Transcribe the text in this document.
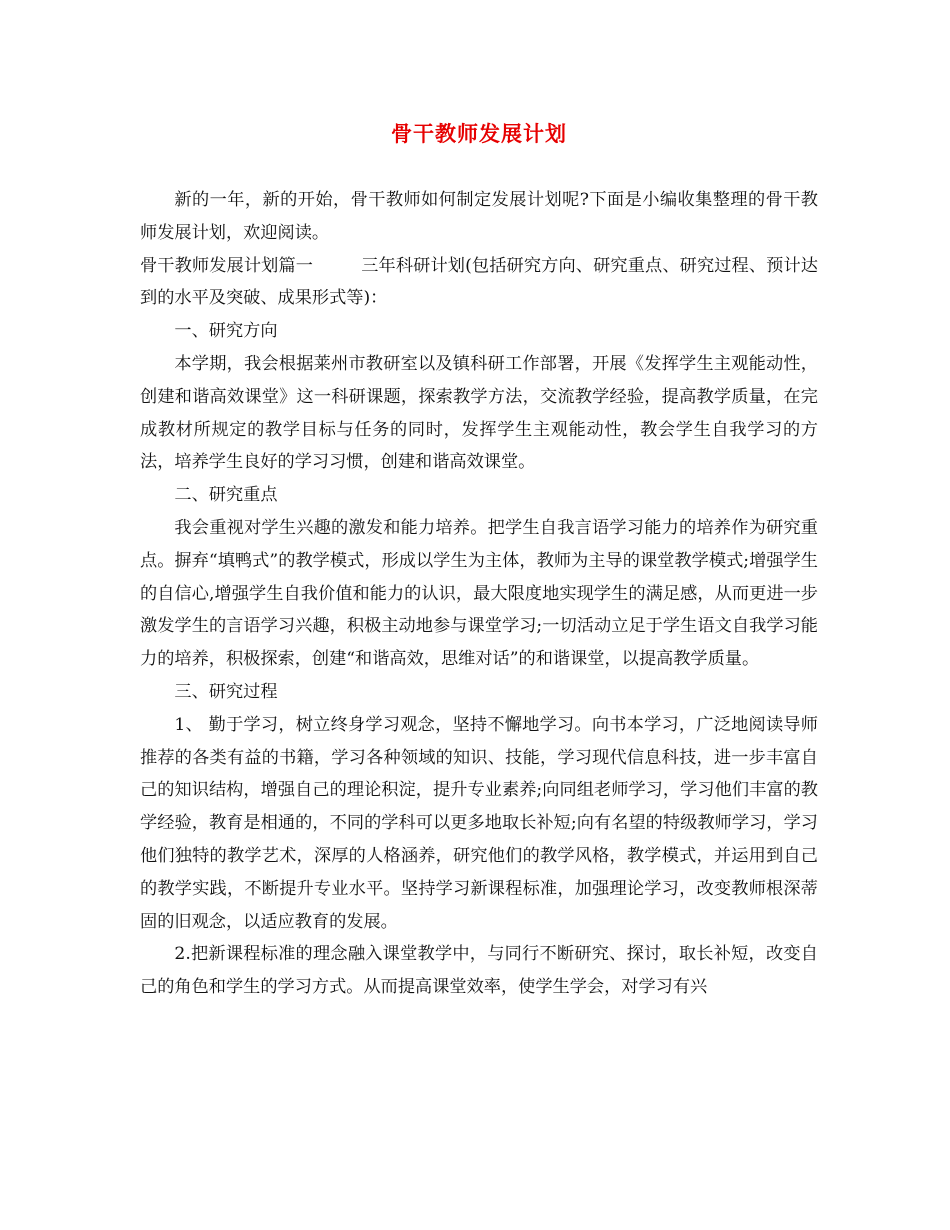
骨干教师发展计划

新的一年，新的开始，骨干教师如何制定发展计划呢?下面是小编收集整理的骨干教师发展计划，欢迎阅读。

骨干教师发展计划篇一	三年科研计划(包括研究方向、研究重点、研究过程、预计达到的水平及突破、成果形式等)：

一、研究方向

本学期，我会根据莱州市教研室以及镇科研工作部署，开展《发挥学生主观能动性，创建和谐高效课堂》这一科研课题，探索教学方法，交流教学经验，提高教学质量，在完成教材所规定的教学目标与任务的同时，发挥学生主观能动性，教会学生自我学习的方法，培养学生良好的学习习惯，创建和谐高效课堂。

二、研究重点

我会重视对学生兴趣的激发和能力培养。把学生自我言语学习能力的培养作为研究重点。摒弃“填鸭式”的教学模式，形成以学生为主体，教师为主导的课堂教学模式;增强学生的自信心,增强学生自我价值和能力的认识，最大限度地实现学生的满足感，从而更进一步激发学生的言语学习兴趣，积极主动地参与课堂学习;一切活动立足于学生语文自我学习能力的培养，积极探索，创建“和谐高效，思维对话”的和谐课堂，以提高教学质量。

三、研究过程

1、 勤于学习，树立终身学习观念，坚持不懈地学习。向书本学习，广泛地阅读导师推荐的各类有益的书籍，学习各种领域的知识、技能，学习现代信息科技，进一步丰富自己的知识结构，增强自己的理论积淀，提升专业素养;向同组老师学习，学习他们丰富的教学经验，教育是相通的，不同的学科可以更多地取长补短;向有名望的特级教师学习，学习他们独特的教学艺术，深厚的人格涵养，研究他们的教学风格，教学模式，并运用到自己的教学实践，不断提升专业水平。坚持学习新课程标准，加强理论学习，改变教师根深蒂固的旧观念，以适应教育的发展。

2.把新课程标准的理念融入课堂教学中，与同行不断研究、探讨，取长补短，改变自己的角色和学生的学习方式。从而提高课堂效率，使学生学会，对学习有兴
